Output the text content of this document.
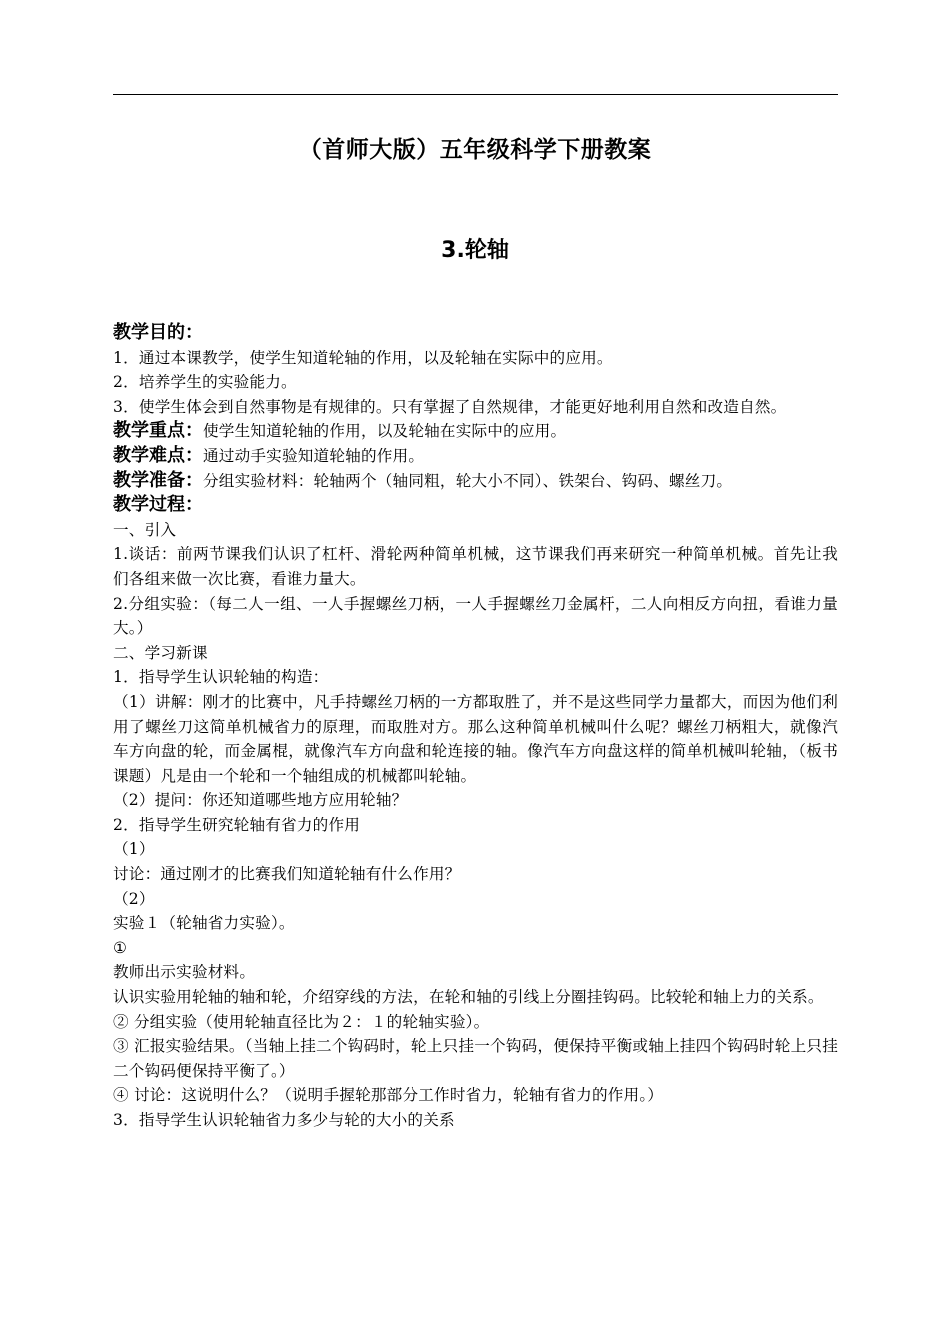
（首师大版）五年级科学下册教案
3.轮轴

教学目的：

1．通过本课教学，使学生知道轮轴的作用，以及轮轴在实际中的应用。

2．培养学生的实验能力。

3．使学生体会到自然事物是有规律的。只有掌握了自然规律，才能更好地利用自然和改造自然。

教学重点：使学生知道轮轴的作用，以及轮轴在实际中的应用。

教学难点：通过动手实验知道轮轴的作用。

教学准备：分组实验材料：轮轴两个（轴同粗，轮大小不同）、铁架台、钩码、螺丝刀。

教学过程：

一、引入

1.谈话：前两节课我们认识了杠杆、滑轮两种简单机械，这节课我们再来研究一种简单机械。首先让我们各组来做一次比赛，看谁力量大。

2.分组实验：（每二人一组、一人手握螺丝刀柄，一人手握螺丝刀金属杆，二人向相反方向扭，看谁力量大。）

二、学习新课

1．指导学生认识轮轴的构造：

（1）讲解：刚才的比赛中，凡手持螺丝刀柄的一方都取胜了，并不是这些同学力量都大，而因为他们利用了螺丝刀这简单机械省力的原理，而取胜对方。那么这种简单机械叫什么呢？螺丝刀柄粗大，就像汽车方向盘的轮，而金属棍，就像汽车方向盘和轮连接的轴。像汽车方向盘这样的简单机械叫轮轴，（板书课题）凡是由一个轮和一个轴组成的机械都叫轮轴。

（2）提问：你还知道哪些地方应用轮轴？

2．指导学生研究轮轴有省力的作用

（1）

讨论：通过刚才的比赛我们知道轮轴有什么作用？

（2）

实验１（轮轴省力实验）。

①

教师出示实验材料。

认识实验用轮轴的轴和轮，介绍穿线的方法，在轮和轴的引线上分圈挂钩码。比较轮和轴上力的关系。

② 分组实验（使用轮轴直径比为２：１的轮轴实验）。

③ 汇报实验结果。（当轴上挂二个钩码时，轮上只挂一个钩码，便保持平衡或轴上挂四个钩码时轮上只挂二个钩码便保持平衡了。）

④ 讨论：这说明什么？（说明手握轮那部分工作时省力，轮轴有省力的作用。）

3．指导学生认识轮轴省力多少与轮的大小的关系
